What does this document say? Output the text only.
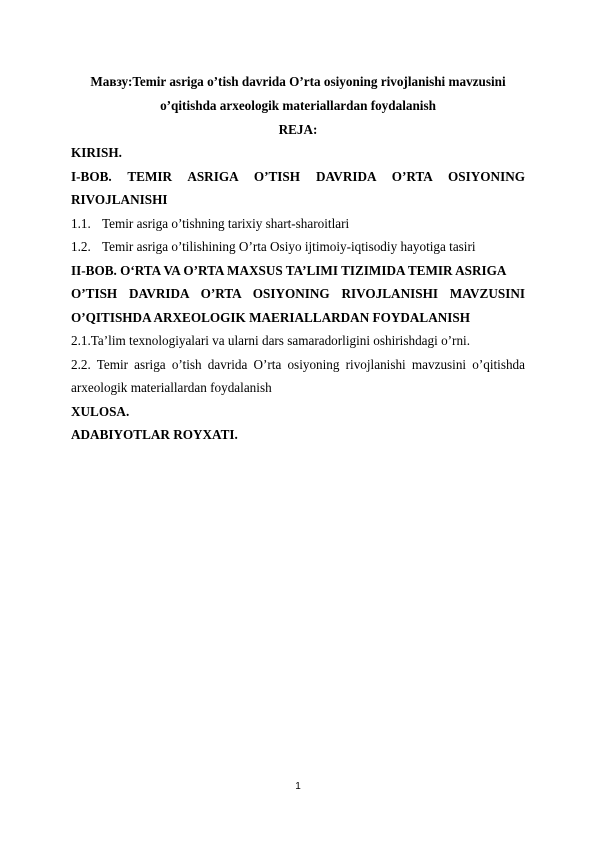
Мавзу:Temir asriga o’tish davrida O’rta osiyoning rivojlanishi mavzusini
o’qitishda arxeologik materiallardan foydalanish
REJA:
KIRISH.
I-BOB. TEMIR ASRIGA O’TISH DAVRIDA O’RTA OSIYONING
RIVOJLANISHI
1.1. Temir asriga o’tishning tarixiy shart-sharoitlari
1.2. Temir asriga o’tilishining O’rta Osiyo ijtimoiy-iqtisodiy hayotiga tasiri
II-BOB. O‘RTA VA O’RTA MAXSUS TA’LIMI TIZIMIDA TEMIR ASRIGA
O’TISH DAVRIDA O’RTA OSIYONING RIVOJLANISHI MAVZUSINI
O’QITISHDA ARXEOLOGIK MAERIALLARDAN FOYDALANISH
2.1.Ta’lim texnologiyalari va ularni dars samaradorligini oshirishdagi o’rni.
2.2. Temir asriga o’tish davrida O’rta osiyoning rivojlanishi mavzusini o’qitishda
arxeologik materiallardan foydalanish
XULOSA.
ADABIYOTLAR ROYXATI.
1
